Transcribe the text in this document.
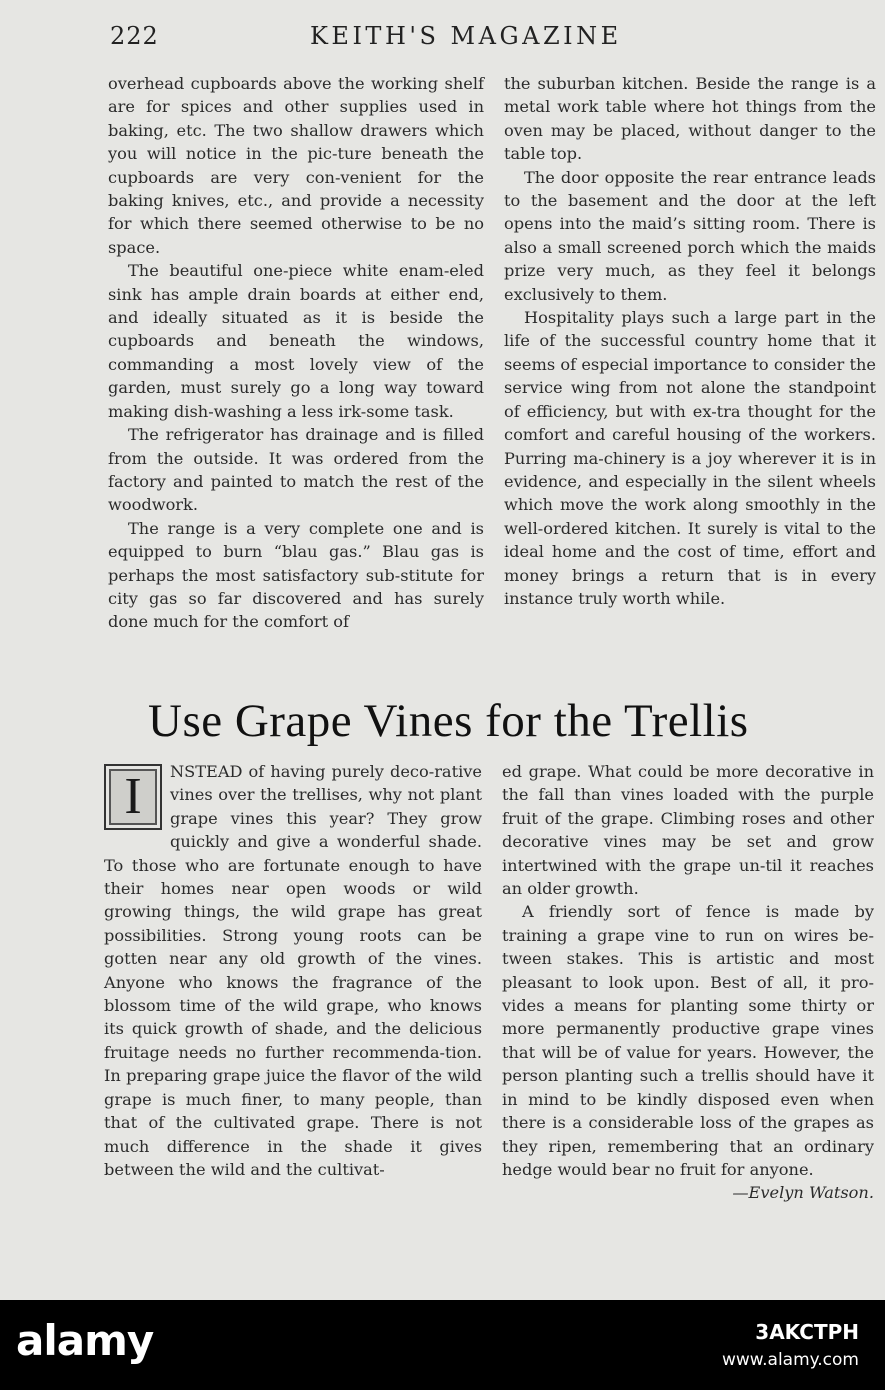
222	KEITH'S MAGAZINE

overhead cupboards above the working shelf are for spices and other supplies used in baking, etc. The two shallow drawers which you will notice in the pic-ture beneath the cupboards are very con-venient for the baking knives, etc., and provide a necessity for which there seemed otherwise to be no space.

The beautiful one-piece white enam-eled sink has ample drain boards at either end, and ideally situated as it is beside the cupboards and beneath the windows, commanding a most lovely view of the garden, must surely go a long way toward making dish-washing a less irk-some task.

The refrigerator has drainage and is filled from the outside. It was ordered from the factory and painted to match the rest of the woodwork.

The range is a very complete one and is equipped to burn “blau gas.” Blau gas is perhaps the most satisfactory sub-stitute for city gas so far discovered and has surely done much for the comfort of

the suburban kitchen. Beside the range is a metal work table where hot things from the oven may be placed, without danger to the table top.

The door opposite the rear entrance leads to the basement and the door at the left opens into the maid’s sitting room. There is also a small screened porch which the maids prize very much, as they feel it belongs exclusively to them.

Hospitality plays such a large part in the life of the successful country home that it seems of especial importance to consider the service wing from not alone the standpoint of efficiency, but with ex-tra thought for the comfort and careful housing of the workers. Purring ma-chinery is a joy wherever it is in evidence, and especially in the silent wheels which move the work along smoothly in the well-ordered kitchen. It surely is vital to the ideal home and the cost of time, effort and money brings a return that is in every instance truly worth while.

Use Grape Vines for the Trellis

I	NSTEAD of having purely deco-rative vines over the trellises, why not plant grape vines this year? They grow quickly and give a wonderful shade. To those who are fortunate enough to have their homes near open woods or wild growing things, the wild grape has great possibilities. Strong young roots can be gotten near any old growth of the vines. Anyone who knows the fragrance of the blossom time of the wild grape, who knows its quick growth of shade, and the delicious fruitage needs no further recommenda-tion. In preparing grape juice the flavor of the wild grape is much finer, to many people, than that of the cultivated grape. There is not much difference in the shade it gives between the wild and the cultivat-

ed grape. What could be more decorative in the fall than vines loaded with the purple fruit of the grape. Climbing roses and other decorative vines may be set and grow intertwined with the grape un-til it reaches an older growth.

A friendly sort of fence is made by training a grape vine to run on wires be-tween stakes. This is artistic and most pleasant to look upon. Best of all, it pro-vides a means for planting some thirty or more permanently productive grape vines that will be of value for years. However, the person planting such a trellis should have it in mind to be kindly disposed even when there is a considerable loss of the grapes as they ripen, remembering that an ordinary hedge would bear no fruit for anyone.
—Evelyn Watson.

alamy	3AKCTPH
www.alamy.com
